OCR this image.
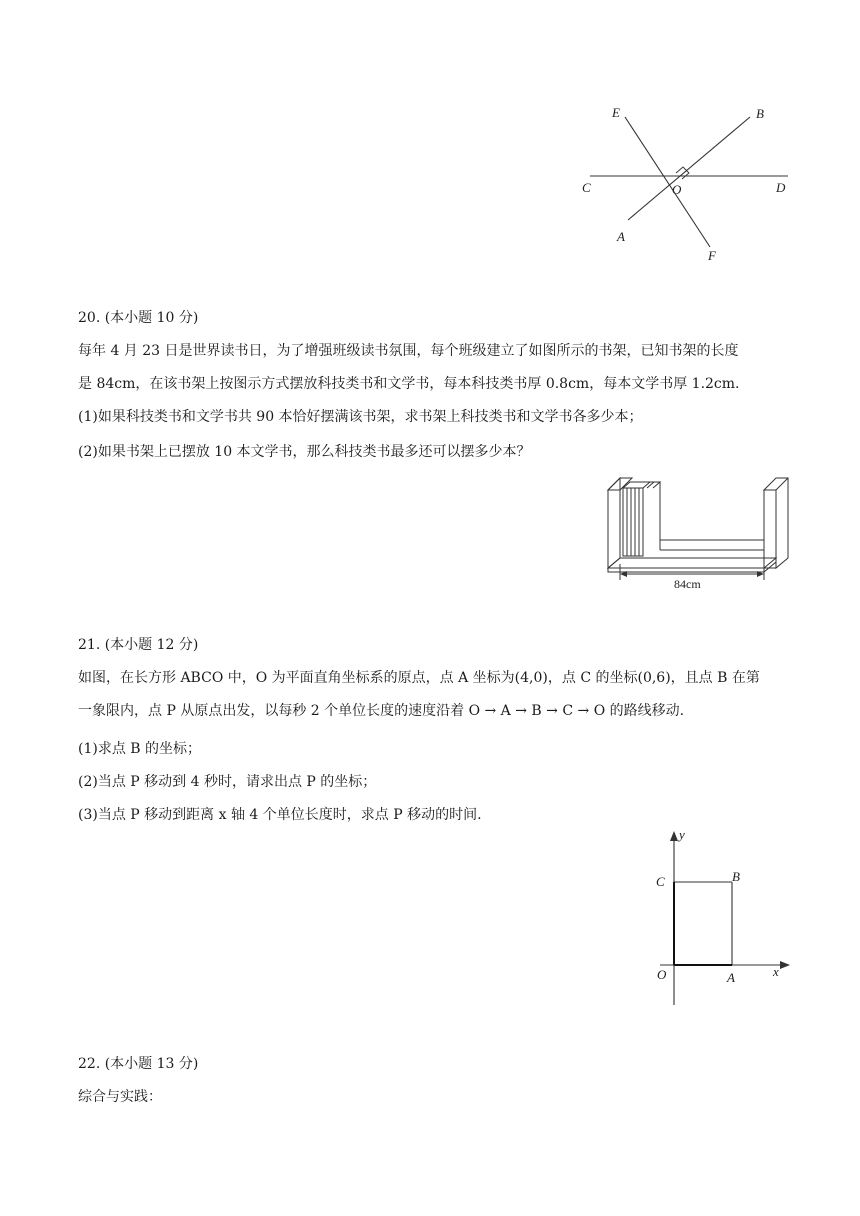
E	B
C	O	D
A
F
20. (本小题 10 分)
每年 4 月 23 日是世界读书日，为了增强班级读书氛围，每个班级建立了如图所示的书架，已知书架的长度
是 84cm，在该书架上按图示方式摆放科技类书和文学书，每本科技类书厚 0.8cm，每本文学书厚 1.2cm.
(1)如果科技类书和文学书共 90 本恰好摆满该书架，求书架上科技类书和文学书各多少本；
(2)如果书架上已摆放 10 本文学书，那么科技类书最多还可以摆多少本？
84cm
21. (本小题 12 分)
如图，在长方形 ABCO 中，O 为平面直角坐标系的原点，点 A 坐标为(4,0)，点 C 的坐标(0,6)，且点 B 在第
一象限内，点 P 从原点出发，以每秒 2 个单位长度的速度沿着 O → A → B → C → O 的路线移动.
(1)求点 B 的坐标；
(2)当点 P 移动到 4 秒时，请求出点 P 的坐标；
(3)当点 P 移动到距离 x 轴 4 个单位长度时，求点 P 移动的时间.
y
x
C	B
O	A
22. (本小题 13 分)
综合与实践：
